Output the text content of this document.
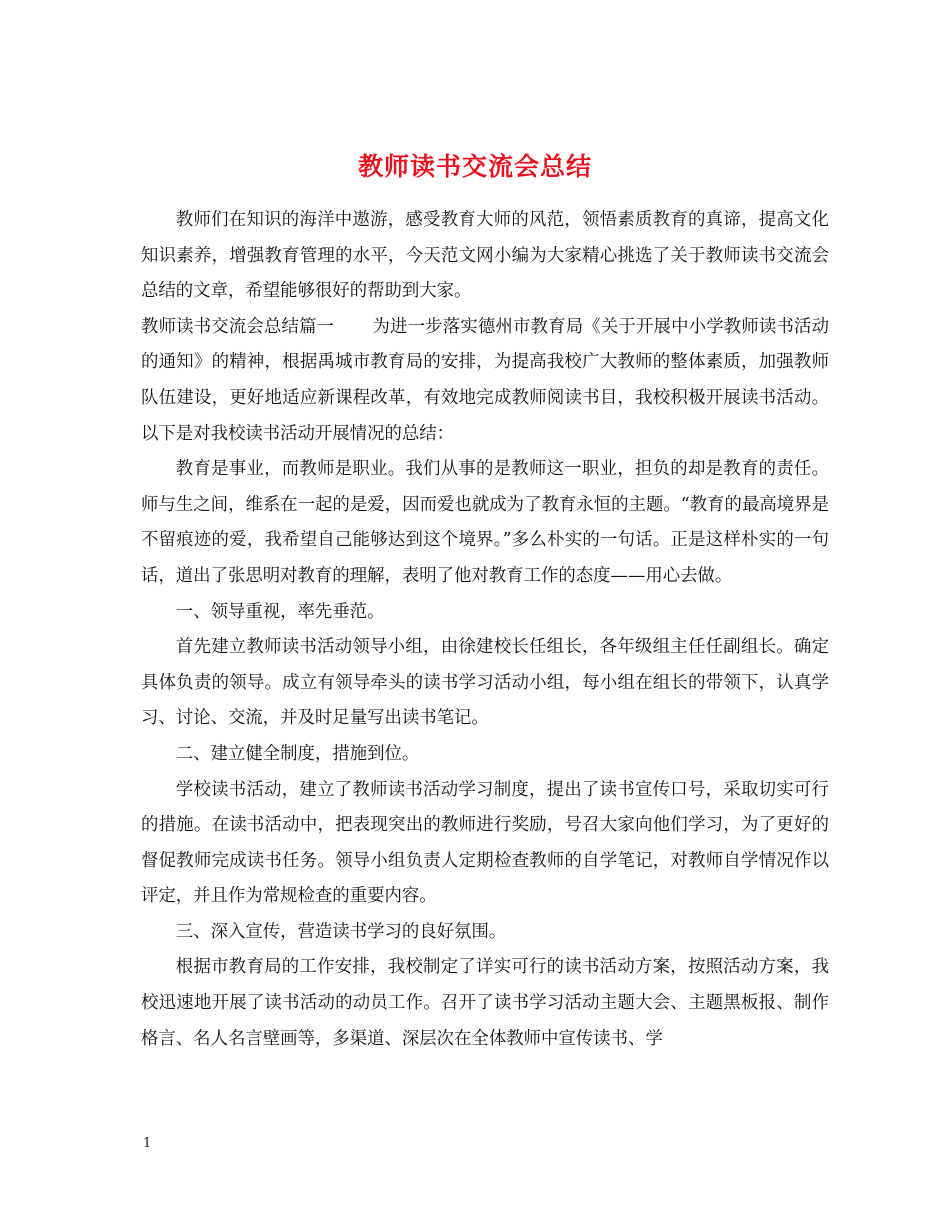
教师读书交流会总结

教师们在知识的海洋中遨游，感受教育大师的风范，领悟素质教育的真谛，提高文化知识素养，增强教育管理的水平，今天范文网小编为大家精心挑选了关于教师读书交流会总结的文章，希望能够很好的帮助到大家。

教师读书交流会总结篇一 为进一步落实德州市教育局《关于开展中小学教师读书活动的通知》的精神，根据禹城市教育局的安排，为提高我校广大教师的整体素质，加强教师队伍建设，更好地适应新课程改革，有效地完成教师阅读书目，我校积极开展读书活动。以下是对我校读书活动开展情况的总结：

教育是事业，而教师是职业。我们从事的是教师这一职业，担负的却是教育的责任。师与生之间，维系在一起的是爱，因而爱也就成为了教育永恒的主题。“教育的最高境界是不留痕迹的爱，我希望自己能够达到这个境界。”多么朴实的一句话。正是这样朴实的一句话，道出了张思明对教育的理解，表明了他对教育工作的态度——用心去做。

一、领导重视，率先垂范。

首先建立教师读书活动领导小组，由徐建校长任组长，各年级组主任任副组长。确定具体负责的领导。成立有领导牵头的读书学习活动小组，每小组在组长的带领下，认真学习、讨论、交流，并及时足量写出读书笔记。

二、建立健全制度，措施到位。

学校读书活动，建立了教师读书活动学习制度，提出了读书宣传口号，采取切实可行的措施。在读书活动中，把表现突出的教师进行奖励，号召大家向他们学习，为了更好的督促教师完成读书任务。领导小组负责人定期检查教师的自学笔记，对教师自学情况作以评定，并且作为常规检查的重要内容。

三、深入宣传，营造读书学习的良好氛围。

根据市教育局的工作安排，我校制定了详实可行的读书活动方案，按照活动方案，我校迅速地开展了读书活动的动员工作。召开了读书学习活动主题大会、主题黑板报、制作格言、名人名言壁画等，多渠道、深层次在全体教师中宣传读书、学

1
